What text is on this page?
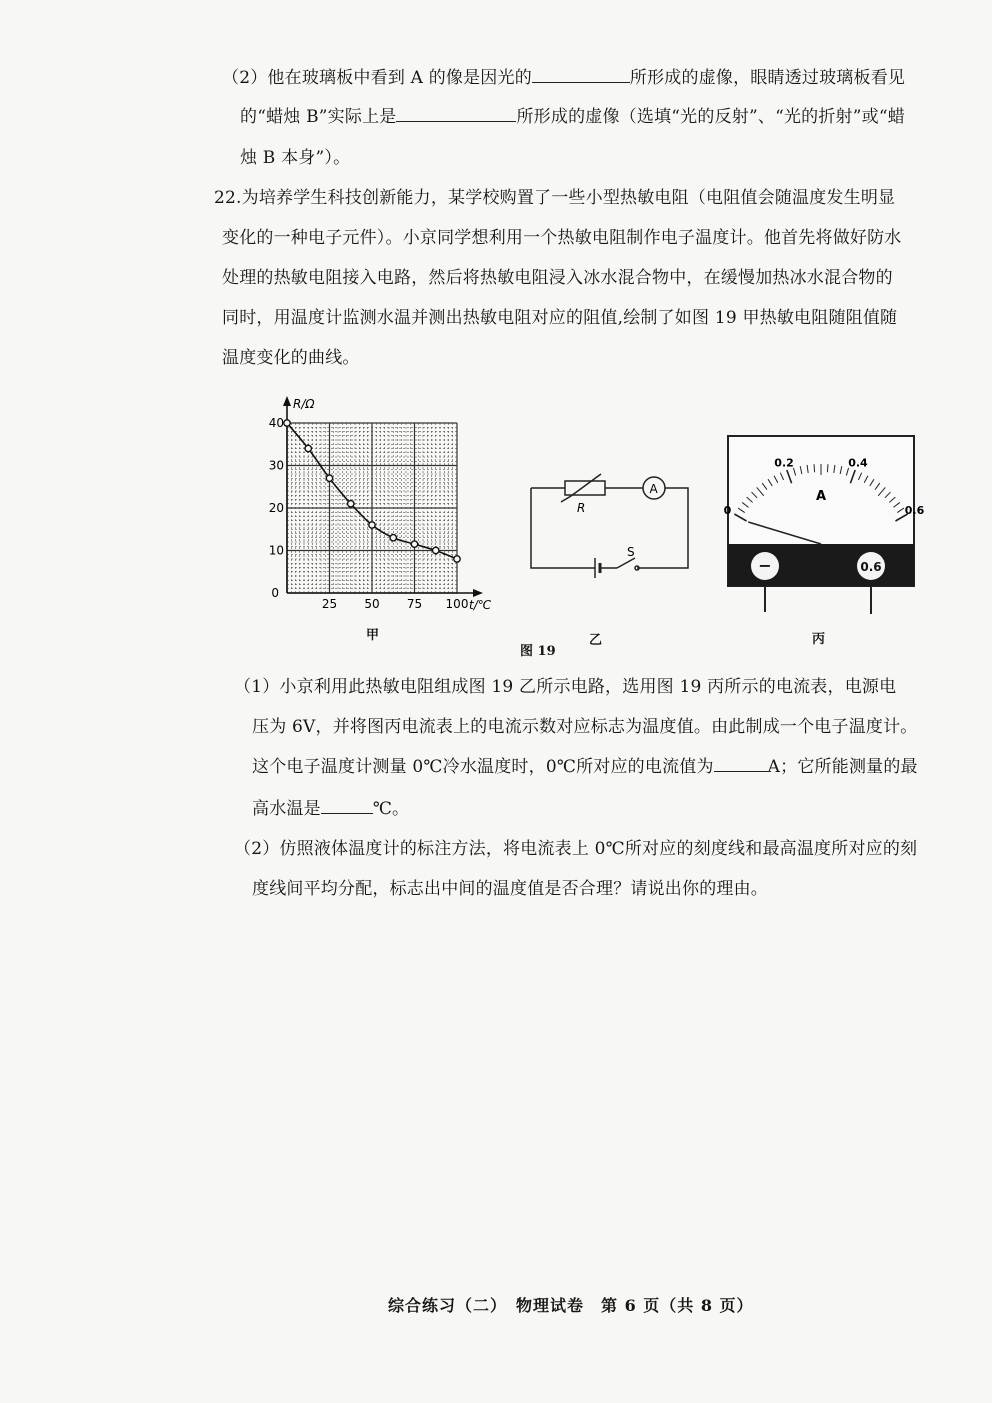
（2）他在玻璃板中看到 A 的像是因光的	所形成的虚像，眼睛透过玻璃板看见
的“蜡烛 B”实际上是	所形成的虚像（选填“光的反射”、“光的折射”或“蜡
烛 B 本身”）。
22.为培养学生科技创新能力，某学校购置了一些小型热敏电阻（电阻值会随温度发生明显
变化的一种电子元件）。小京同学想利用一个热敏电阻制作电子温度计。他首先将做好防水
处理的热敏电阻接入电路，然后将热敏电阻浸入冰水混合物中，在缓慢加热冰水混合物的
同时，用温度计监测水温并测出热敏电阻对应的阻值,绘制了如图 19 甲热敏电阻随阻值随
温度变化的曲线。
25 50 75 100
10
20
30
40
0
R/Ω
t/℃
甲
R
A
S
图 19
乙
0
0.2	0.4
0.6
A
−	0.6
丙
（1）小京利用此热敏电阻组成图 19 乙所示电路，选用图 19 丙所示的电流表，电源电
压为 6V，并将图丙电流表上的电流示数对应标志为温度值。由此制成一个电子温度计。
这个电子温度计测量 0℃冷水温度时，0℃所对应的电流值为	A；它所能测量的最
高水温是	℃。
（2）仿照液体温度计的标注方法，将电流表上 0℃所对应的刻度线和最高温度所对应的刻
度线间平均分配，标志出中间的温度值是否合理？请说出你的理由。
综合练习（二）　物理试卷　第 6 页（共 8 页）
